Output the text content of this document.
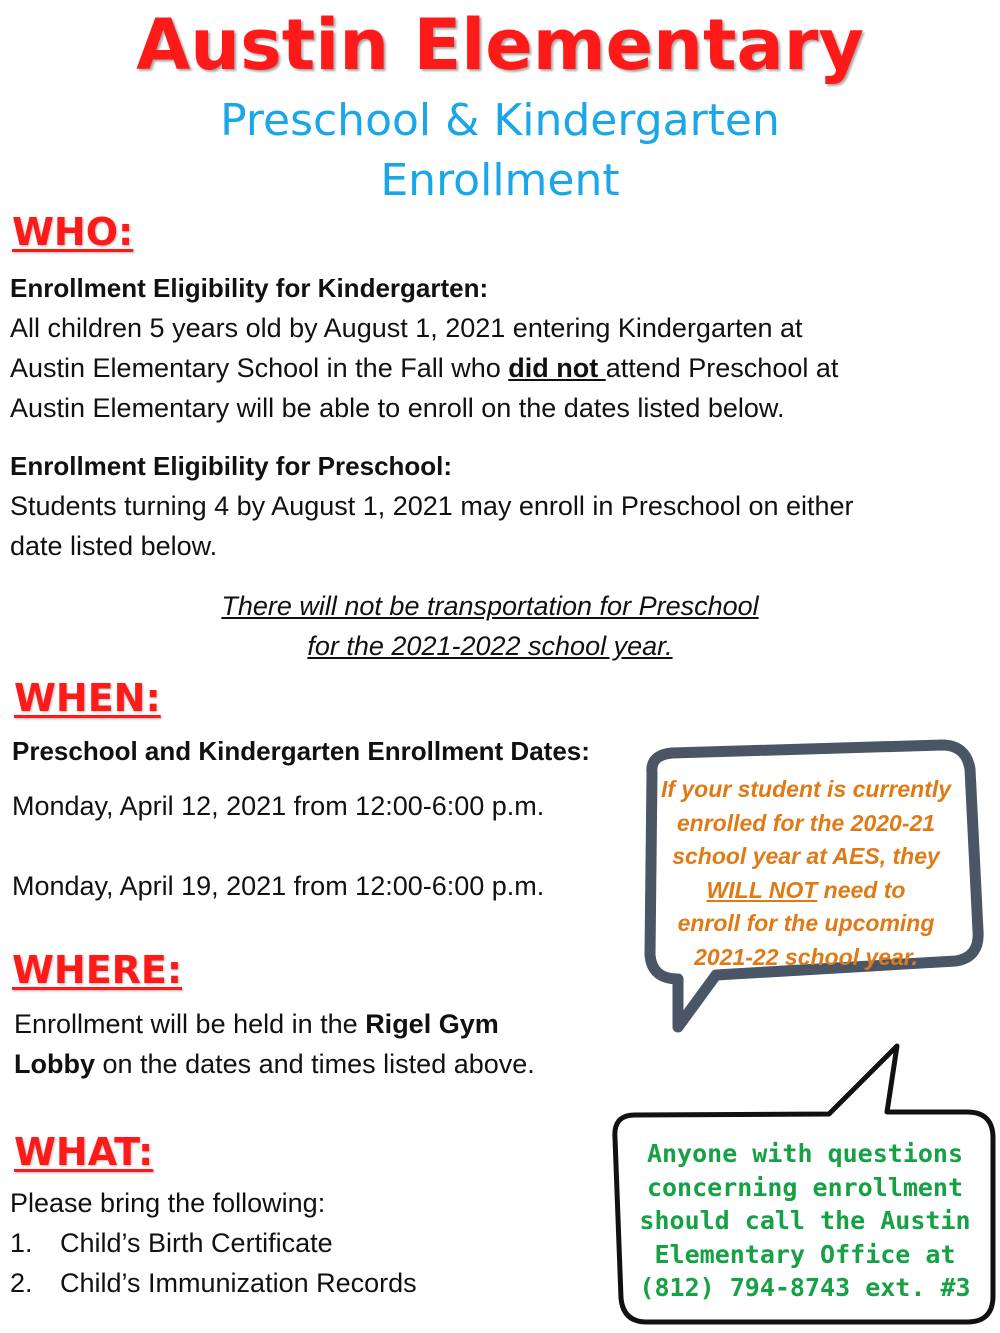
Austin Elementary
Preschool & Kindergarten
Enrollment
WHO:
Enrollment Eligibility for Kindergarten:
All children 5 years old by August 1, 2021 entering Kindergarten at
Austin Elementary School in the Fall who did not attend Preschool at
Austin Elementary will be able to enroll on the dates listed below.
Enrollment Eligibility for Preschool:
Students turning 4 by August 1, 2021 may enroll in Preschool on either
date listed below.
There will not be transportation for Preschool
for the 2021-2022 school year.
WHEN:
Preschool and Kindergarten Enrollment Dates:
Monday, April 12, 2021 from 12:00-6:00 p.m.
Monday, April 19, 2021 from 12:00-6:00 p.m.
WHERE:
Enrollment will be held in the Rigel Gym
Lobby on the dates and times listed above.
WHAT:
Please bring the following:
1. Child’s Birth Certificate
2. Child’s Immunization Records
If your student is currently
enrolled for the 2020-21
school year at AES, they
WILL NOT need to
enroll for the upcoming
2021-22 school year.
Anyone with questions
concerning enrollment
should call the Austin
Elementary Office at
(812) 794-8743 ext. #3
